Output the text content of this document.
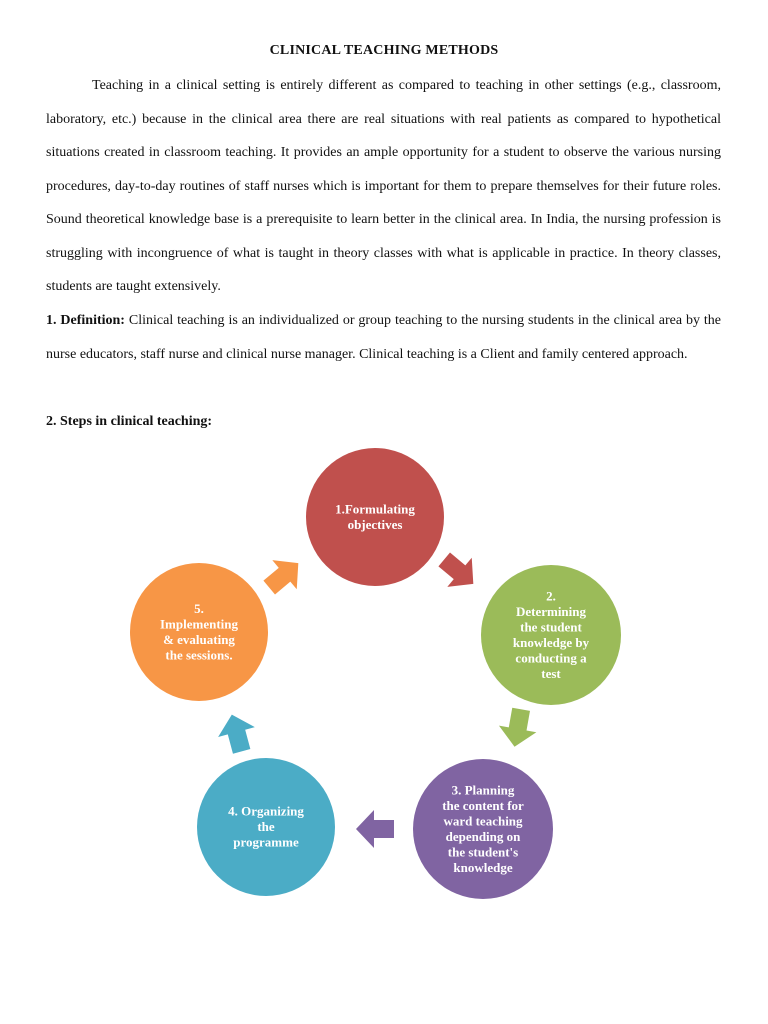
CLINICAL TEACHING METHODS

Teaching in a clinical setting is entirely different as compared to teaching in other settings (e.g., classroom, laboratory, etc.) because in the clinical area there are real situations with real patients as compared to hypothetical situations created in classroom teaching. It provides an ample opportunity for a student to observe the various nursing procedures, day-to-day routines of staff nurses which is important for them to prepare themselves for their future roles. Sound theoretical knowledge base is a prerequisite to learn better in the clinical area. In India, the nursing profession is struggling with incongruence of what is taught in theory classes with what is applicable in practice. In theory classes, students are taught extensively.

1. Definition: Clinical teaching is an individualized or group teaching to the nursing students in the clinical area by the nurse educators, staff nurse and clinical nurse manager. Clinical teaching is a Client and family centered approach.

2. Steps in clinical teaching:

1.Formulating
objectives
2.
Determining
the student
knowledge by
conducting a
test
3. Planning
the content for
ward teaching
depending on
the student's
knowledge
4. Organizing
the
programme
5.
Implementing
& evaluating
the sessions.
